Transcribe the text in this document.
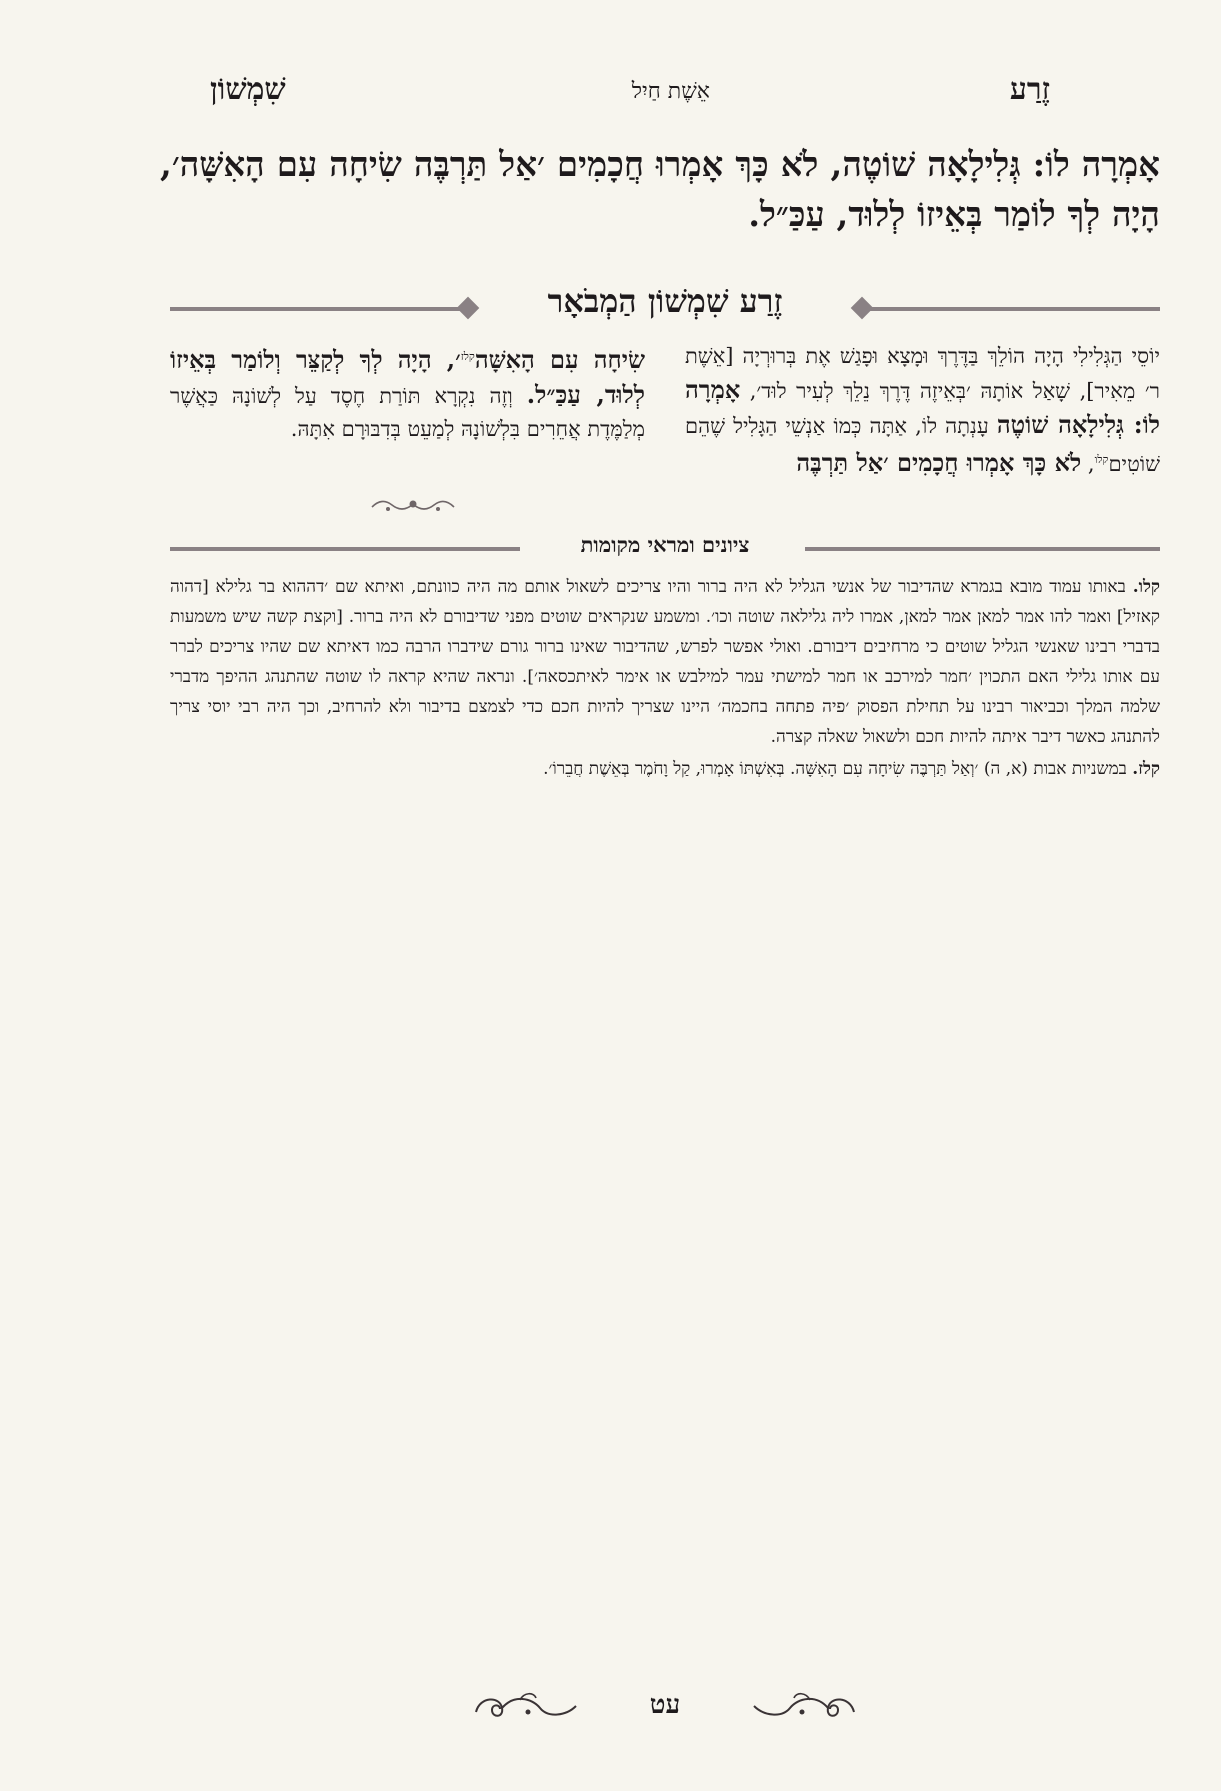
זֶרַע
אֵשֶׁת חַיִל
שִׁמְשׁוֹן

אָמְרָה לוֹ: גְּלִילָאָה שׁוֹטֶה, לֹא כָּךְ אָמְרוּ חֲכָמִים ׳אַל תַּרְבֶּה שִׂיחָה עִם הָאִשָּׁה׳, הָיָה לְךָ לוֹמַר בְּאֵיזוֹ לְלוּד, עַכַּ״ל.

זֶרַע שִׁמְשׁוֹן הַמְבֹאָר

יוֹסֵי הַגְּלִילִי הָיָה הוֹלֵךְ בַּדֶּרֶךְ וּמָצָא וּפָגַשׁ אֶת בְּרוּרְיָה [אֵשֶׁת ר׳ מֵאִיר], שָׁאַל אוֹתָהּ ׳בְּאֵיזֶה דֶּרֶךְ נֵלֵךְ לְעִיר לוּד׳, אָמְרָה לוֹ: גְּלִילָאָה שׁוֹטֶה עָנְתָה לוֹ, אַתָּה כְּמוֹ אַנְשֵׁי הַגָּלִיל שֶׁהֵם שׁוֹטִים$^{קלו}$, לֹא כָּךְ אָמְרוּ חֲכָמִים ׳אַל תַּרְבֶּה

שִׂיחָה עִם הָאִשָּׁה$^{קלז}$׳, הָיָה לְךָ לְקַצֵּר וְלוֹמַר בְּאֵיזוֹ לְלוּד, עַכַּ״ל. וְזֶה נִקְרָא תּוֹרַת חֶסֶד עַל לְשׁוֹנָהּ כַּאֲשֶׁר מְלַמֶּדֶת אֲחֵרִים בִּלְשׁוֹנָהּ לְמַעֵט בְּדִבּוּרָם אִתָּהּ.

ציונים ומראי מקומות

קלו. באותו עמוד מובא בגמרא שהדיבור של אנשי הגליל לא היה ברור והיו צריכים לשאול אותם מה היה כוונתם, ואיתא שם ׳דההוא בר גלילא [דהוה קאזיל] ואמר להו אמר למאן אמר למאן, אמרו ליה גלילאה שוטה וכו׳. ומשמע שנקראים שוטים מפני שדיבורם לא היה ברור. [וקצת קשה שיש משמעות בדברי רבינו שאנשי הגליל שוטים כי מרחיבים דיבורם. ואולי אפשר לפרש, שהדיבור שאינו ברור גורם שידברו הרבה כמו דאיתא שם שהיו צריכים לברר עם אותו גלילי האם התכוין ׳חמר למירכב או חמר למישתי עמר למילבש או אימר לאיתכסאה׳]. ונראה שהיא קראה לו שוטה שהתנהג ההיפך מדברי שלמה המלך וכביאור רבינו על תחילת הפסוק ׳פיה פתחה בחכמה׳ היינו שצריך להיות חכם כדי לצמצם בדיבור ולא להרחיב, וכך היה רבי יוסי צריך להתנהג כאשר דיבר איתה להיות חכם ולשאול שאלה קצרה.

קלז. במשניות אבות (א, ה) ׳וְאַל תַּרְבֶּה שִׂיחָה עִם הָאִשָּׁה. בְּאִשְׁתּוֹ אָמְרוּ, קַל וָחֹמֶר בְּאֵשֶׁת חֲבֵרוֹ׳.

עט
